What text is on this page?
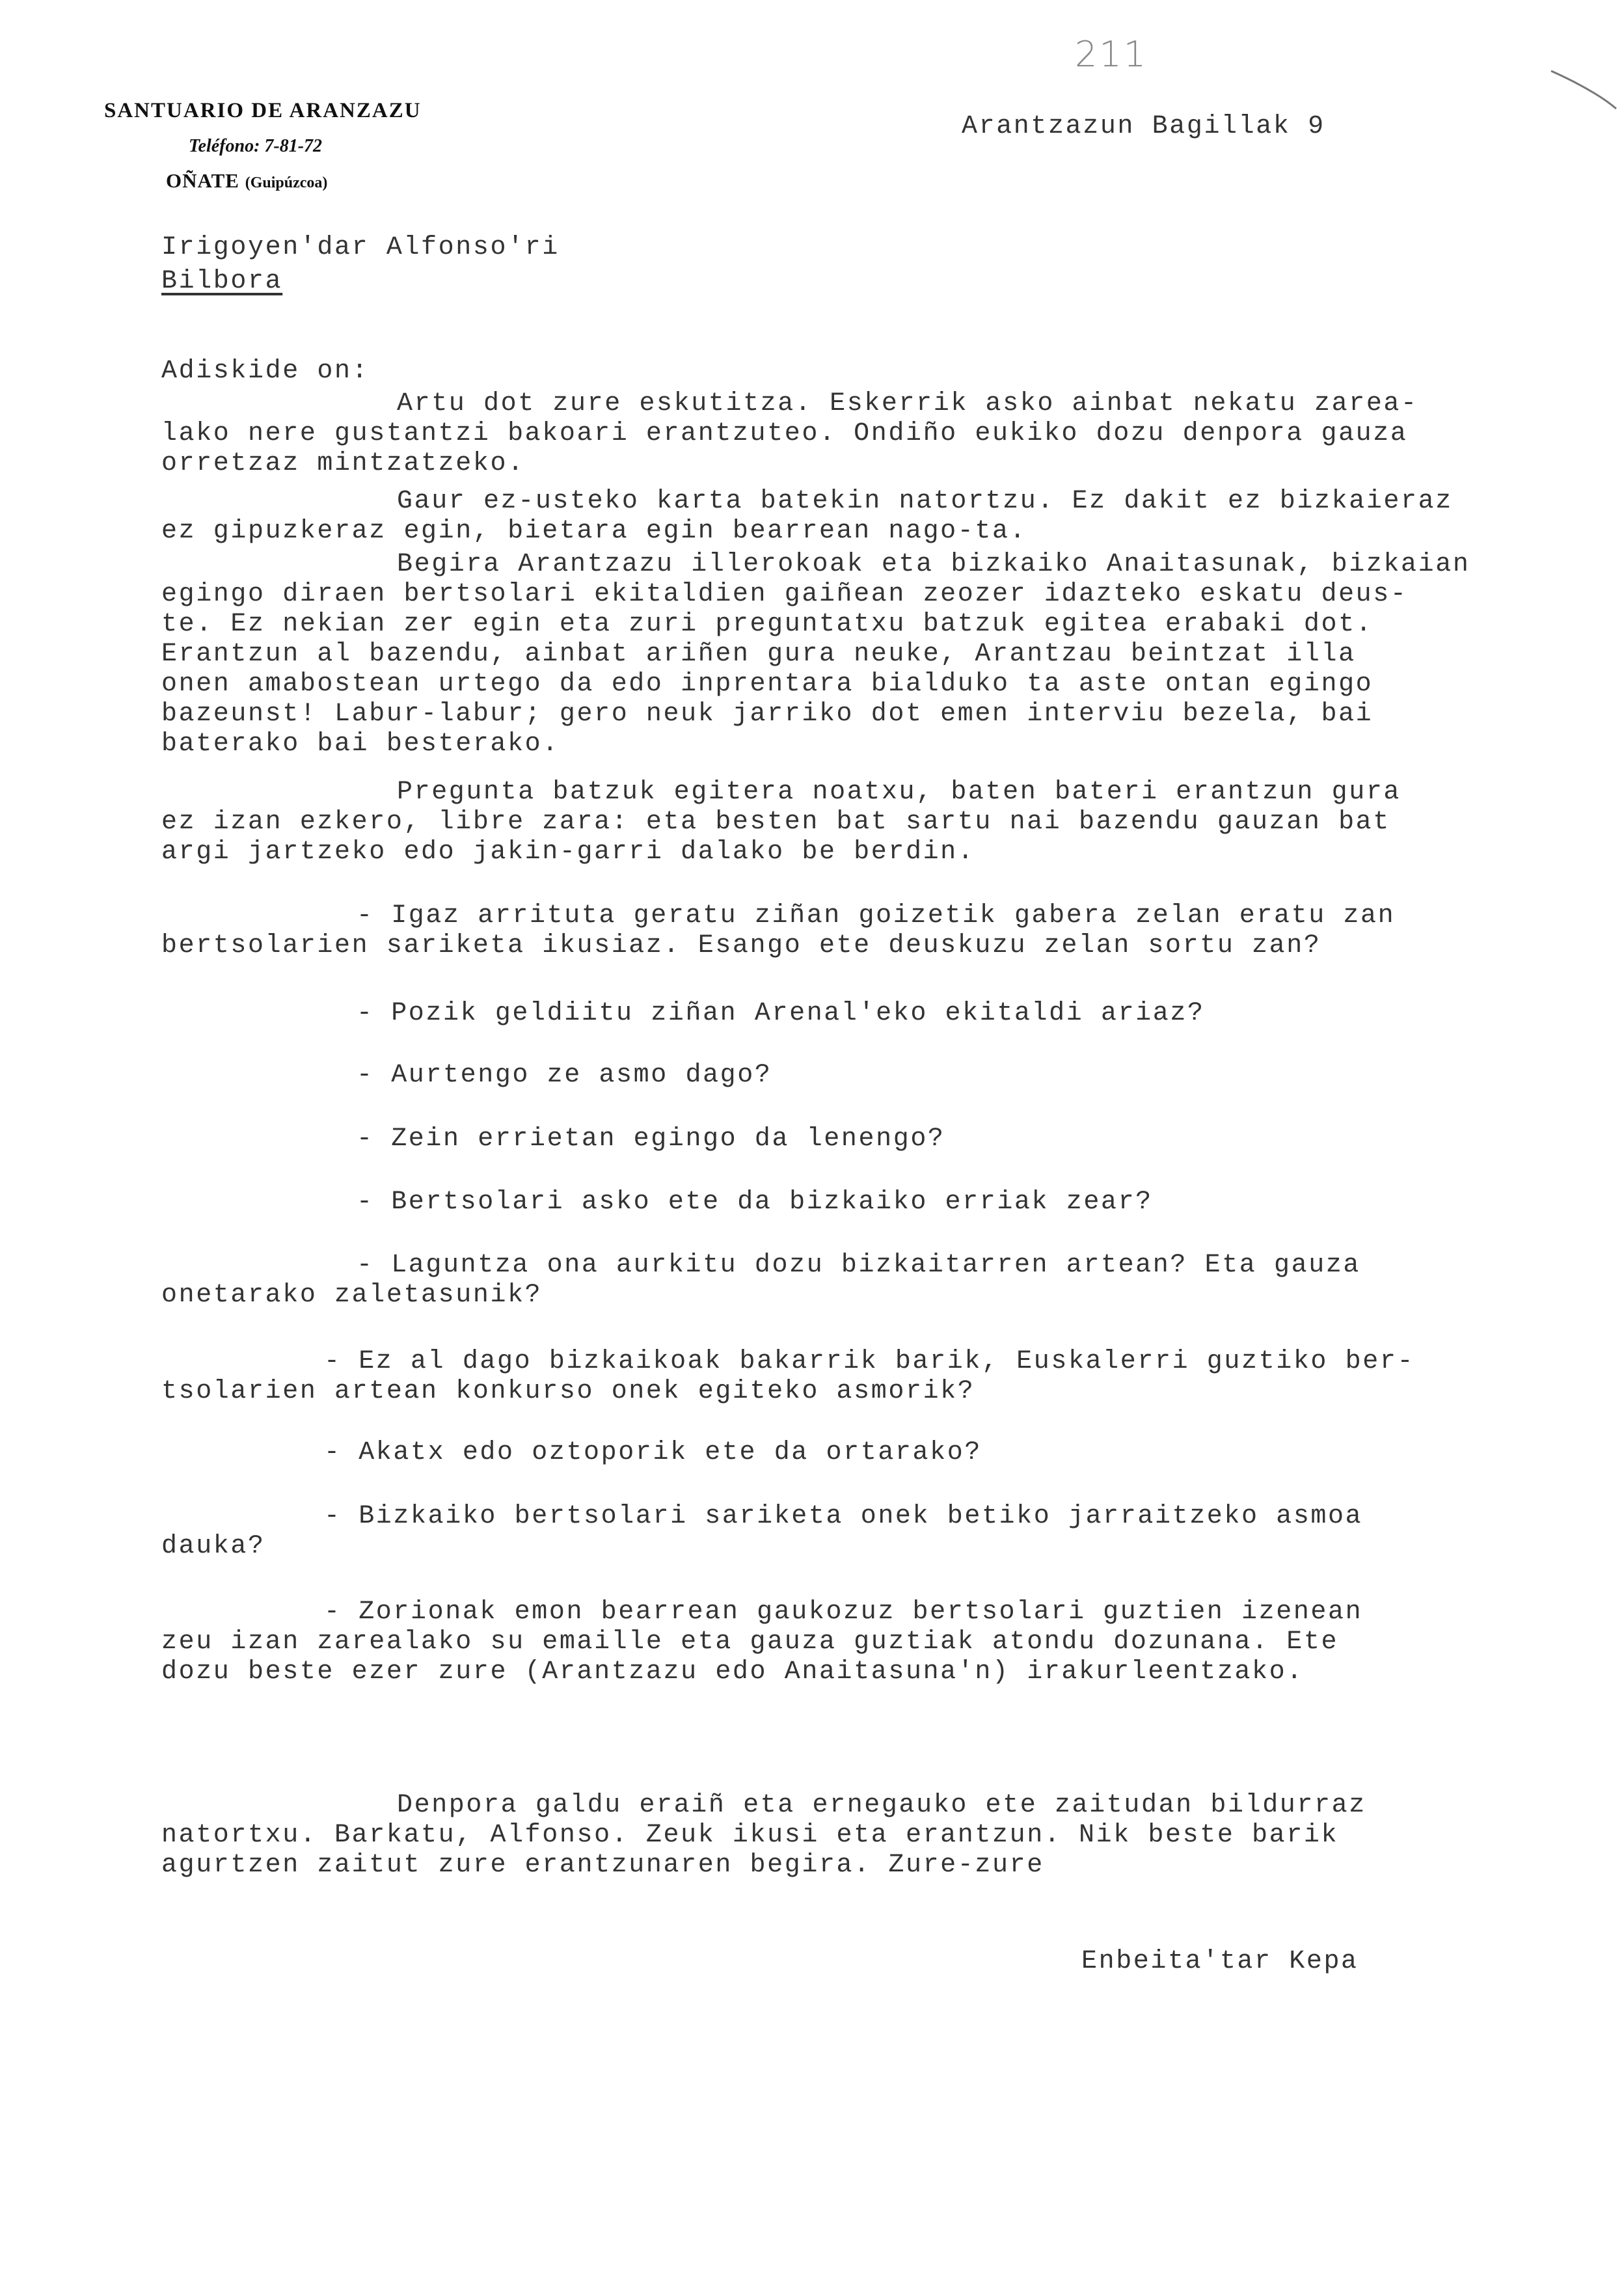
211
SANTUARIO DE ARANZAZU
Teléfono: 7-81-72
OÑATE (Guipúzcoa)
Arantzazun Bagillak 9
Irigoyen'dar Alfonso'ri
Bilbora
Adiskide on:
Artu dot zure eskutitza. Eskerrik asko ainbat nekatu zarea-
lako nere gustantzi bakoari erantzuteo. Ondiño eukiko dozu denpora gauza
orretzaz mintzatzeko.
Gaur ez-usteko karta batekin natortzu. Ez dakit ez bizkaieraz
ez gipuzkeraz egin, bietara egin bearrean nago-ta.
Begira Arantzazu illerokoak eta bizkaiko Anaitasunak, bizkaian
egingo diraen bertsolari ekitaldien gaiñean zeozer idazteko eskatu deus-
te. Ez nekian zer egin eta zuri preguntatxu batzuk egitea erabaki dot.
Erantzun al bazendu, ainbat ariñen gura neuke, Arantzau beintzat illa
onen amabostean urtego da edo inprentara bialduko ta aste ontan egingo
bazeunst! Labur-labur; gero neuk jarriko dot emen interviu bezela, bai
baterako bai besterako.
Pregunta batzuk egitera noatxu, baten bateri erantzun gura
ez izan ezkero, libre zara: eta besten bat sartu nai bazendu gauzan bat
argi jartzeko edo jakin-garri dalako be berdin.
- Igaz arrituta geratu ziñan goizetik gabera zelan eratu zan
bertsolarien sariketa ikusiaz. Esango ete deuskuzu zelan sortu zan?
- Pozik geldiitu ziñan Arenal'eko ekitaldi ariaz?
- Aurtengo ze asmo dago?
- Zein errietan egingo da lenengo?
- Bertsolari asko ete da bizkaiko erriak zear?
- Laguntza ona aurkitu dozu bizkaitarren artean? Eta gauza
onetarako zaletasunik?
- Ez al dago bizkaikoak bakarrik barik, Euskalerri guztiko ber-
tsolarien artean konkurso onek egiteko asmorik?
- Akatx edo oztoporik ete da ortarako?
- Bizkaiko bertsolari sariketa onek betiko jarraitzeko asmoa
dauka?
- Zorionak emon bearrean gaukozuz bertsolari guztien izenean
zeu izan zarealako su emaille eta gauza guztiak atondu dozunana. Ete
dozu beste ezer zure (Arantzazu edo Anaitasuna'n) irakurleentzako.
Denpora galdu eraiñ eta ernegauko ete zaitudan bildurraz
natortxu. Barkatu, Alfonso. Zeuk ikusi eta erantzun. Nik beste barik
agurtzen zaitut zure erantzunaren begira. Zure-zure
Enbeita'tar Kepa
